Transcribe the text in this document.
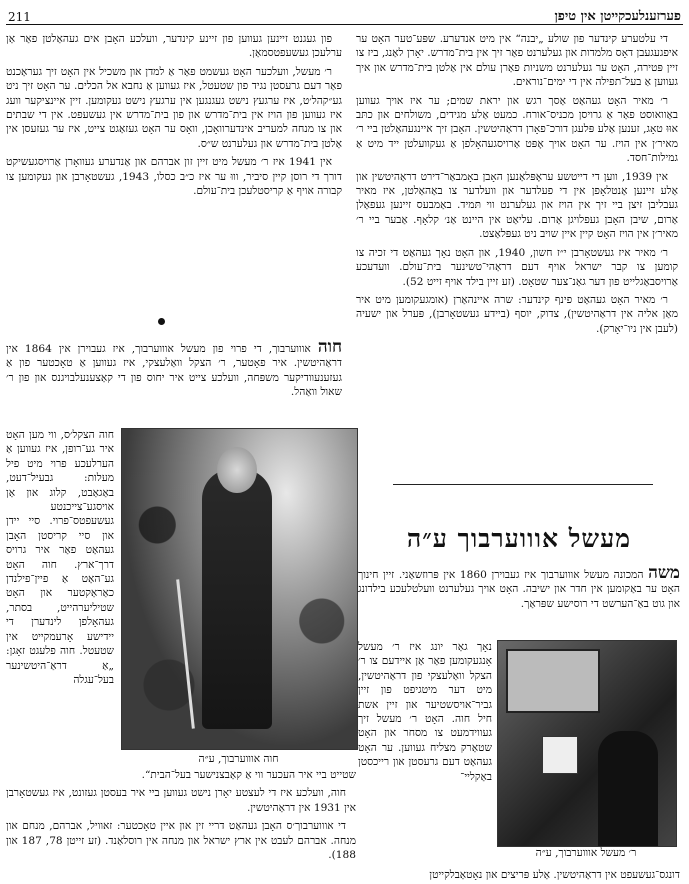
פערזענלעכקייטן אין טיפן
211

די עלטערע קינדער פון שולע „יבנה“ אין מיט אנדערע. שפּע־טער האָט ער איפגעגעבן דאָס מלמדות און געלערנט פאַר זיך אין בית־מדרש. יאָרן לאַנג, ביז צו זיין פּטירה, האָט ער געלערנט משניות פאַרן עולם אין אַלטן בית־מדרש און איך געווען אַ בעל־תפילה אין די ימים־נוראים.

ר׳ מאיר האָט געהאַט אַסך רגש און יראת שמים; ער איז אויך געווען באַוואוסט פאַר אַ גרויסן מכניס־אורח. כמעט אַלע מגידים, משולחים און כתּב אוּוּ טאָג, זענען אַלע פּלעגן דורכ־פאָרן דראַהיטשין. האָבן זיך איינגעהאַלטן ביי ר׳ מאיר׳ן אין הויז. ער האָט אויך אָפּט אַרויסגעהאָלפן אַ געקוועלטן ייד מיט אַ גמילות־חסד.

אין 1939, ווען די דייטשע עראָפּלאַנען האָבן באָמבאַר־דירט דראַהיטשין און אַלע זיינען אַנטלאָפן אין די פעלדער און וועלדער צו באַהאַלטן, איז מאיר געבליבן זיצן ביי זיך אין הויז און געלערנט ווי תּמיד. באַמבעס זיינען געפאַלן אַרום, שיבן האָבן געפלויגן אַרום. עליאַט אין היינט אַנ׳ קלאָף. אַבער ביי ר׳ מאיר׳ן אין הויז האָט קיין איין שויב ניט געפּלאַצט.

ר׳ מאיר איז געשטאָרבן י״ז חשון, 1940, און האָט נאָך געהאַט די זכיה צו קומען צו קבר ישראל אויף דעם דראַהי־טשינער בית־עולם. וועדעכע אַרויסבאַגלייט פון דער גאַנ־צער שטאָט. (זע זיין בילד אויף זייט 52).

ר׳ מאיר האָט געהאַט פינף קינדער: שרה איינהאַרן (אומגעקומען מיט איר מאַן אליה אין דראַהיטשין), צדוק, יוסף (ביידע געשטאָרבן), פּערל און ישעיה (לעבן אין ניו־יאָרק).

פון געגנט זיינען געווען פון זיינע קינדער, וועלכע האָבן אים געהאַלטן פאַר אַן ערלעכן געשעפטסמאַן.

ר׳ מעשל, וועלכער האָט געשמט פאַר אַ למדן און משכיל אין האָט זיך געראַכנט פאַר דעם גרעסטן נגיד פון שטעטל, איז געווען אַ נחבא אל הכלים. ער האָט זיך ניט גע״קהל׳ט, איז ערגעץ נישט געגנגען אין ערגעץ נישט געקומען. זיין איינציקער וועג איז געווען פון הויז אין בית־מדרש און פון בית־מדרש אין געשעפט. אין די שבתים און צו מנחה למעריב אינדערוואָכן, וואָס ער האָט געזאַגט צייט, איז ער געזעסן אין אַלטן בית־מדרש און געלערנט ש״ס.

אין 1941 איז ר׳ מעשל מיט זיין זון אברהם און אַנדערע געוואָרן אַרויסגעשיקט דורך די רוסן קיין סיביר, וווּ ער איז כ״ב כסלו, 1943, געשטאָרבן און געקומען צו קבורה אויף אַ קריסטלעכן בית־עולם.

חוה אוווערבוך, די פרוי פון מעשל אוווערבוך, איז געבוירן אין 1864 אין דראַהיטשין. איר פאָטער, ר׳ הצקל וואַלעצקי, איז געווען אַ טאָכטער פון אַ געזענעוודיקער משפּחה, וועלכע צייט איר יחוס פון די קאַצענעלבויגנס און פון ר׳ שאול וואַהל.

חוה אוווערבוך, ע״ה

חוה הצקל׳ס, ווי מען האָט איר גע־רופן, איז געווען אַ הערלעכע פרוי מיט פיל מעלות: גבעיל־דעט, באַגאַבט, קלוג און אַן אויסגע־צייכנטע געשעפטס־פרוי. סיי יידן און סיי קריסטן האָבן געהאַט פאַר איר גרויס דרך־ארץ. חוה האָט גע־האַט אַ פיין־פילנדן כאַראַקטער און האָט שטיליערהייט, בסתר, געהאָלפן לינדערן די יידישע אָרעמקייט אין שטעטל. חוה פלעגט זאָגן: „אַ דראַ־היטשינער בעל־עגלה

שטייט ביי איר העכער ווי אַ קאַבצנישער בעל־הבית“.

חוה, וועלכע איז די לעצטע יאָרן נישט געווען ביי איר בעסטן געזונט, איז געשטאָרבן אין 1931 אין דראַהיטשין.

די אוווערבוך׳ס האָבן געהאַט דריי זין און איין טאָכטער: זאוויל, אברהם, מנחם און מנחה. אברהם לעבט אין ארץ ישראל און מנחה אין רוסלאַנד. (זע זייטן 78, 187 און 188).

מעשל אוווערבוך ע״ה
משה המכונה מעשל אוווערבוך איז געבוירן 1860 אין פּרוזשאַני. זיין חינוך האָט ער באַקומען אין חדר און ישיבה. האָט אויך געלערנט וועלטלעכע בילדונג און גוט באַ־הערשט די רוסישע שפּראַך.

נאָך גאַר יונג איז ר׳ מעשל אָנגעקומען פאַר אַן איידעם צו ר׳ הצקל וואַלעצקי פון דראַהיטשין, מיט דער מיטגיפט פון זיין גביר־אויסשטיער און זיין אשת חיל חוה. האָט ר׳ מעשל זיך געווידמעט צו מסחר און האָט שטאַרק מצליח געווען. ער האָט געהאַט דעם גרעסטן און רייכסטן באַקליי־

ר׳ מעשל אוווערבוך, ע״ה
דונגס־געשעפט אין דראַהיטשין. אַלע פּריצים און נאָטאַבלקייטן
